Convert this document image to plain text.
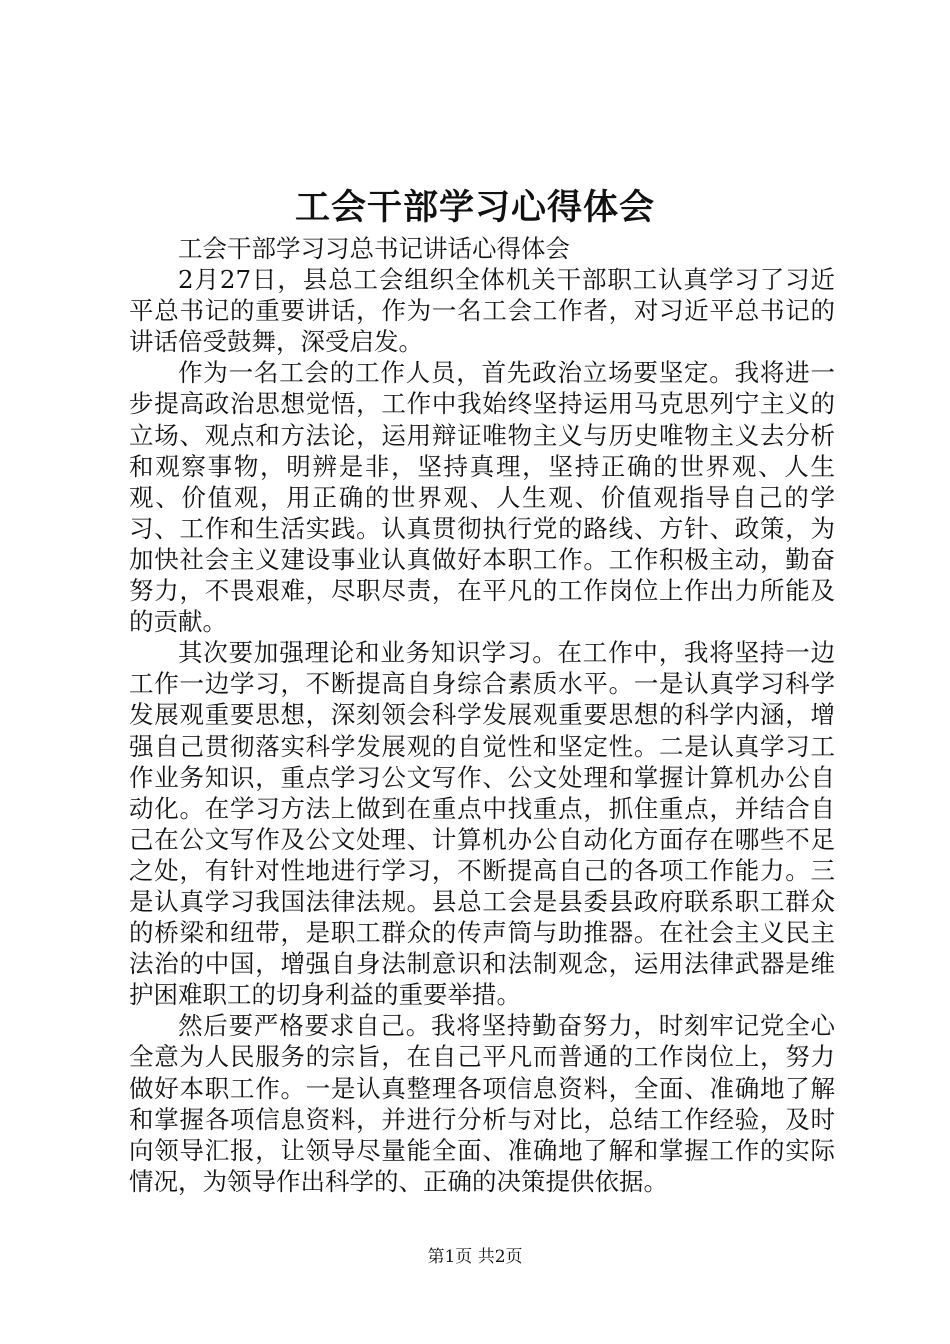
工会干部学习心得体会

工会干部学习习总书记讲话心得体会

2月27日，县总工会组织全体机关干部职工认真学习了习近平总书记的重要讲话，作为一名工会工作者，对习近平总书记的讲话倍受鼓舞，深受启发。

作为一名工会的工作人员，首先政治立场要坚定。我将进一步提高政治思想觉悟，工作中我始终坚持运用马克思列宁主义的立场、观点和方法论，运用辩证唯物主义与历史唯物主义去分析和观察事物，明辨是非，坚持真理，坚持正确的世界观、人生观、价值观，用正确的世界观、人生观、价值观指导自己的学习、工作和生活实践。认真贯彻执行党的路线、方针、政策，为加快社会主义建设事业认真做好本职工作。工作积极主动，勤奋努力，不畏艰难，尽职尽责，在平凡的工作岗位上作出力所能及的贡献。

其次要加强理论和业务知识学习。在工作中，我将坚持一边工作一边学习，不断提高自身综合素质水平。一是认真学习科学发展观重要思想，深刻领会科学发展观重要思想的科学内涵，增强自己贯彻落实科学发展观的自觉性和坚定性。二是认真学习工作业务知识，重点学习公文写作、公文处理和掌握计算机办公自动化。在学习方法上做到在重点中找重点，抓住重点，并结合自己在公文写作及公文处理、计算机办公自动化方面存在哪些不足之处，有针对性地进行学习，不断提高自己的各项工作能力。三是认真学习我国法律法规。县总工会是县委县政府联系职工群众的桥梁和纽带，是职工群众的传声筒与助推器。在社会主义民主法治的中国，增强自身法制意识和法制观念，运用法律武器是维护困难职工的切身利益的重要举措。

然后要严格要求自己。我将坚持勤奋努力，时刻牢记党全心全意为人民服务的宗旨，在自己平凡而普通的工作岗位上，努力做好本职工作。一是认真整理各项信息资料，全面、准确地了解和掌握各项信息资料，并进行分析与对比，总结工作经验，及时向领导汇报，让领导尽量能全面、准确地了解和掌握工作的实际情况，为领导作出科学的、正确的决策提供依据。

第1页 共2页
